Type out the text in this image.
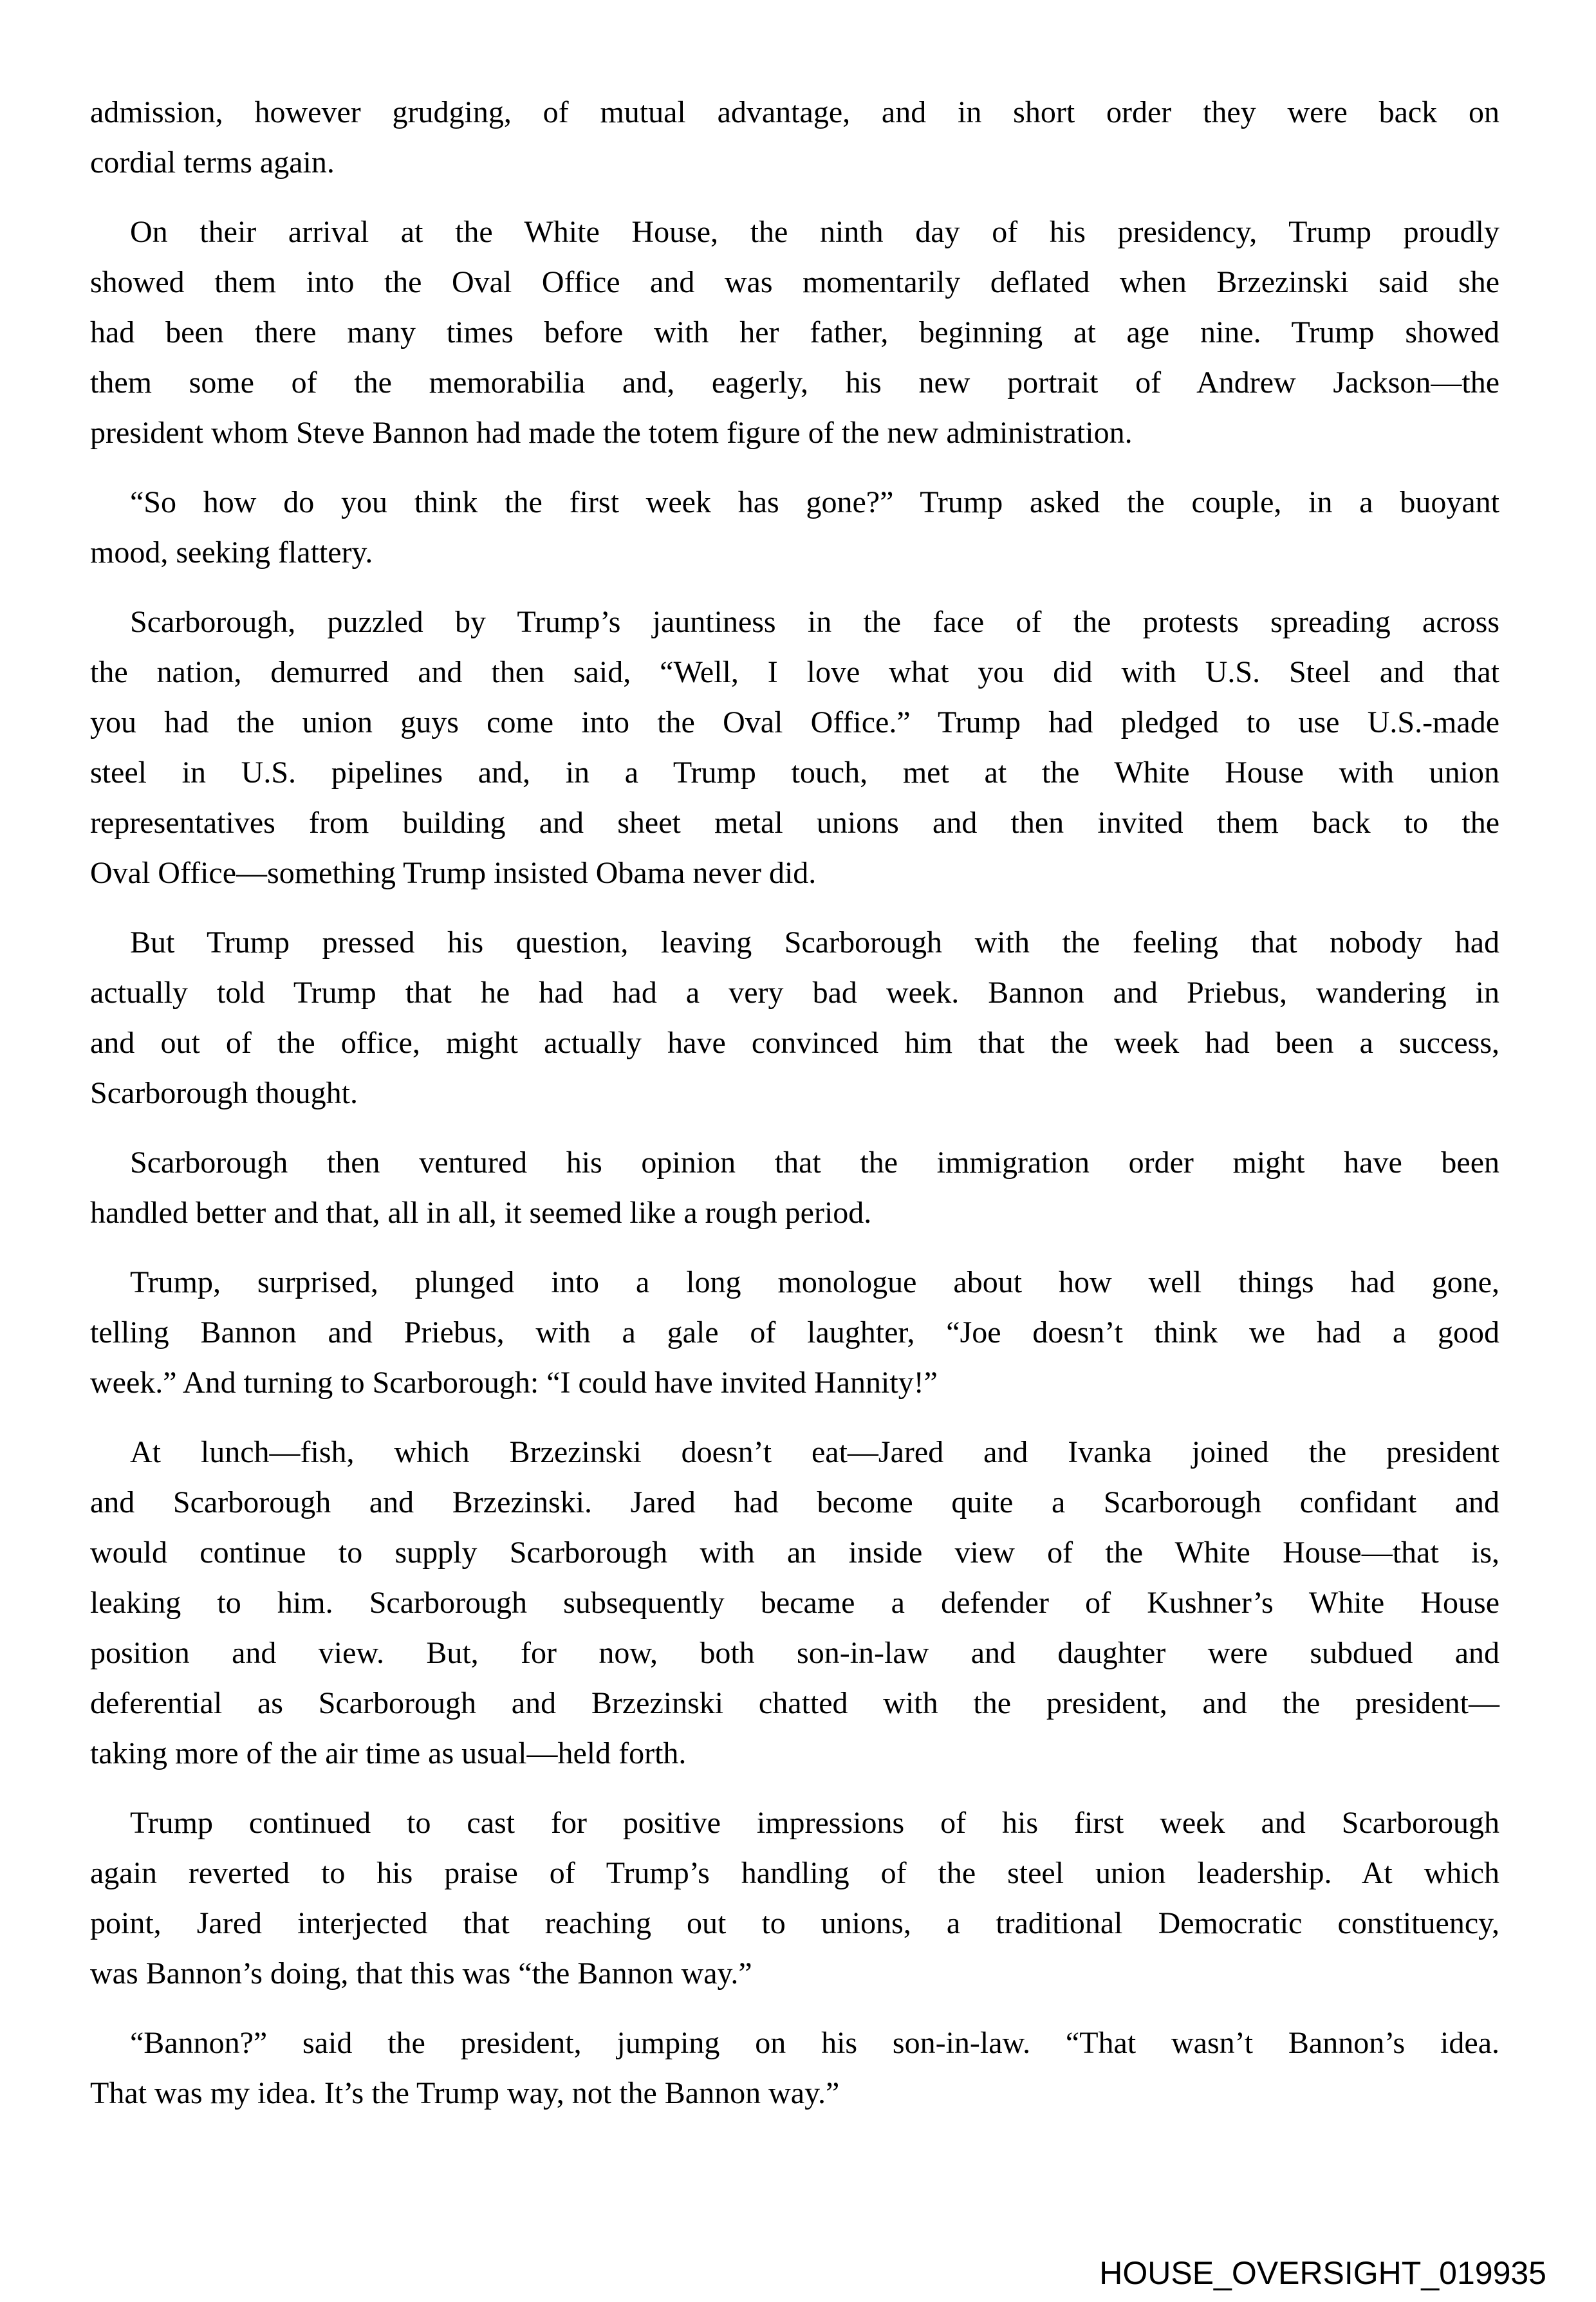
admission, however grudging, of mutual advantage, and in short order they were back on
cordial terms again.
On their arrival at the White House, the ninth day of his presidency, Trump proudly
showed them into the Oval Office and was momentarily deflated when Brzezinski said she
had been there many times before with her father, beginning at age nine. Trump showed
them some of the memorabilia and, eagerly, his new portrait of Andrew Jackson—the
president whom Steve Bannon had made the totem figure of the new administration.
“So how do you think the first week has gone?” Trump asked the couple, in a buoyant
mood, seeking flattery.
Scarborough, puzzled by Trump’s jauntiness in the face of the protests spreading across
the nation, demurred and then said, “Well, I love what you did with U.S. Steel and that
you had the union guys come into the Oval Office.” Trump had pledged to use U.S.-made
steel in U.S. pipelines and, in a Trump touch, met at the White House with union
representatives from building and sheet metal unions and then invited them back to the
Oval Office—something Trump insisted Obama never did.
But Trump pressed his question, leaving Scarborough with the feeling that nobody had
actually told Trump that he had had a very bad week. Bannon and Priebus, wandering in
and out of the office, might actually have convinced him that the week had been a success,
Scarborough thought.
Scarborough then ventured his opinion that the immigration order might have been
handled better and that, all in all, it seemed like a rough period.
Trump, surprised, plunged into a long monologue about how well things had gone,
telling Bannon and Priebus, with a gale of laughter, “Joe doesn’t think we had a good
week.” And turning to Scarborough: “I could have invited Hannity!”
At lunch—fish, which Brzezinski doesn’t eat—Jared and Ivanka joined the president
and Scarborough and Brzezinski. Jared had become quite a Scarborough confidant and
would continue to supply Scarborough with an inside view of the White House—that is,
leaking to him. Scarborough subsequently became a defender of Kushner’s White House
position and view. But, for now, both son-in-law and daughter were subdued and
deferential as Scarborough and Brzezinski chatted with the president, and the president—
taking more of the air time as usual—held forth.
Trump continued to cast for positive impressions of his first week and Scarborough
again reverted to his praise of Trump’s handling of the steel union leadership. At which
point, Jared interjected that reaching out to unions, a traditional Democratic constituency,
was Bannon’s doing, that this was “the Bannon way.”
“Bannon?” said the president, jumping on his son-in-law. “That wasn’t Bannon’s idea.
That was my idea. It’s the Trump way, not the Bannon way.”
HOUSE_OVERSIGHT_019935
